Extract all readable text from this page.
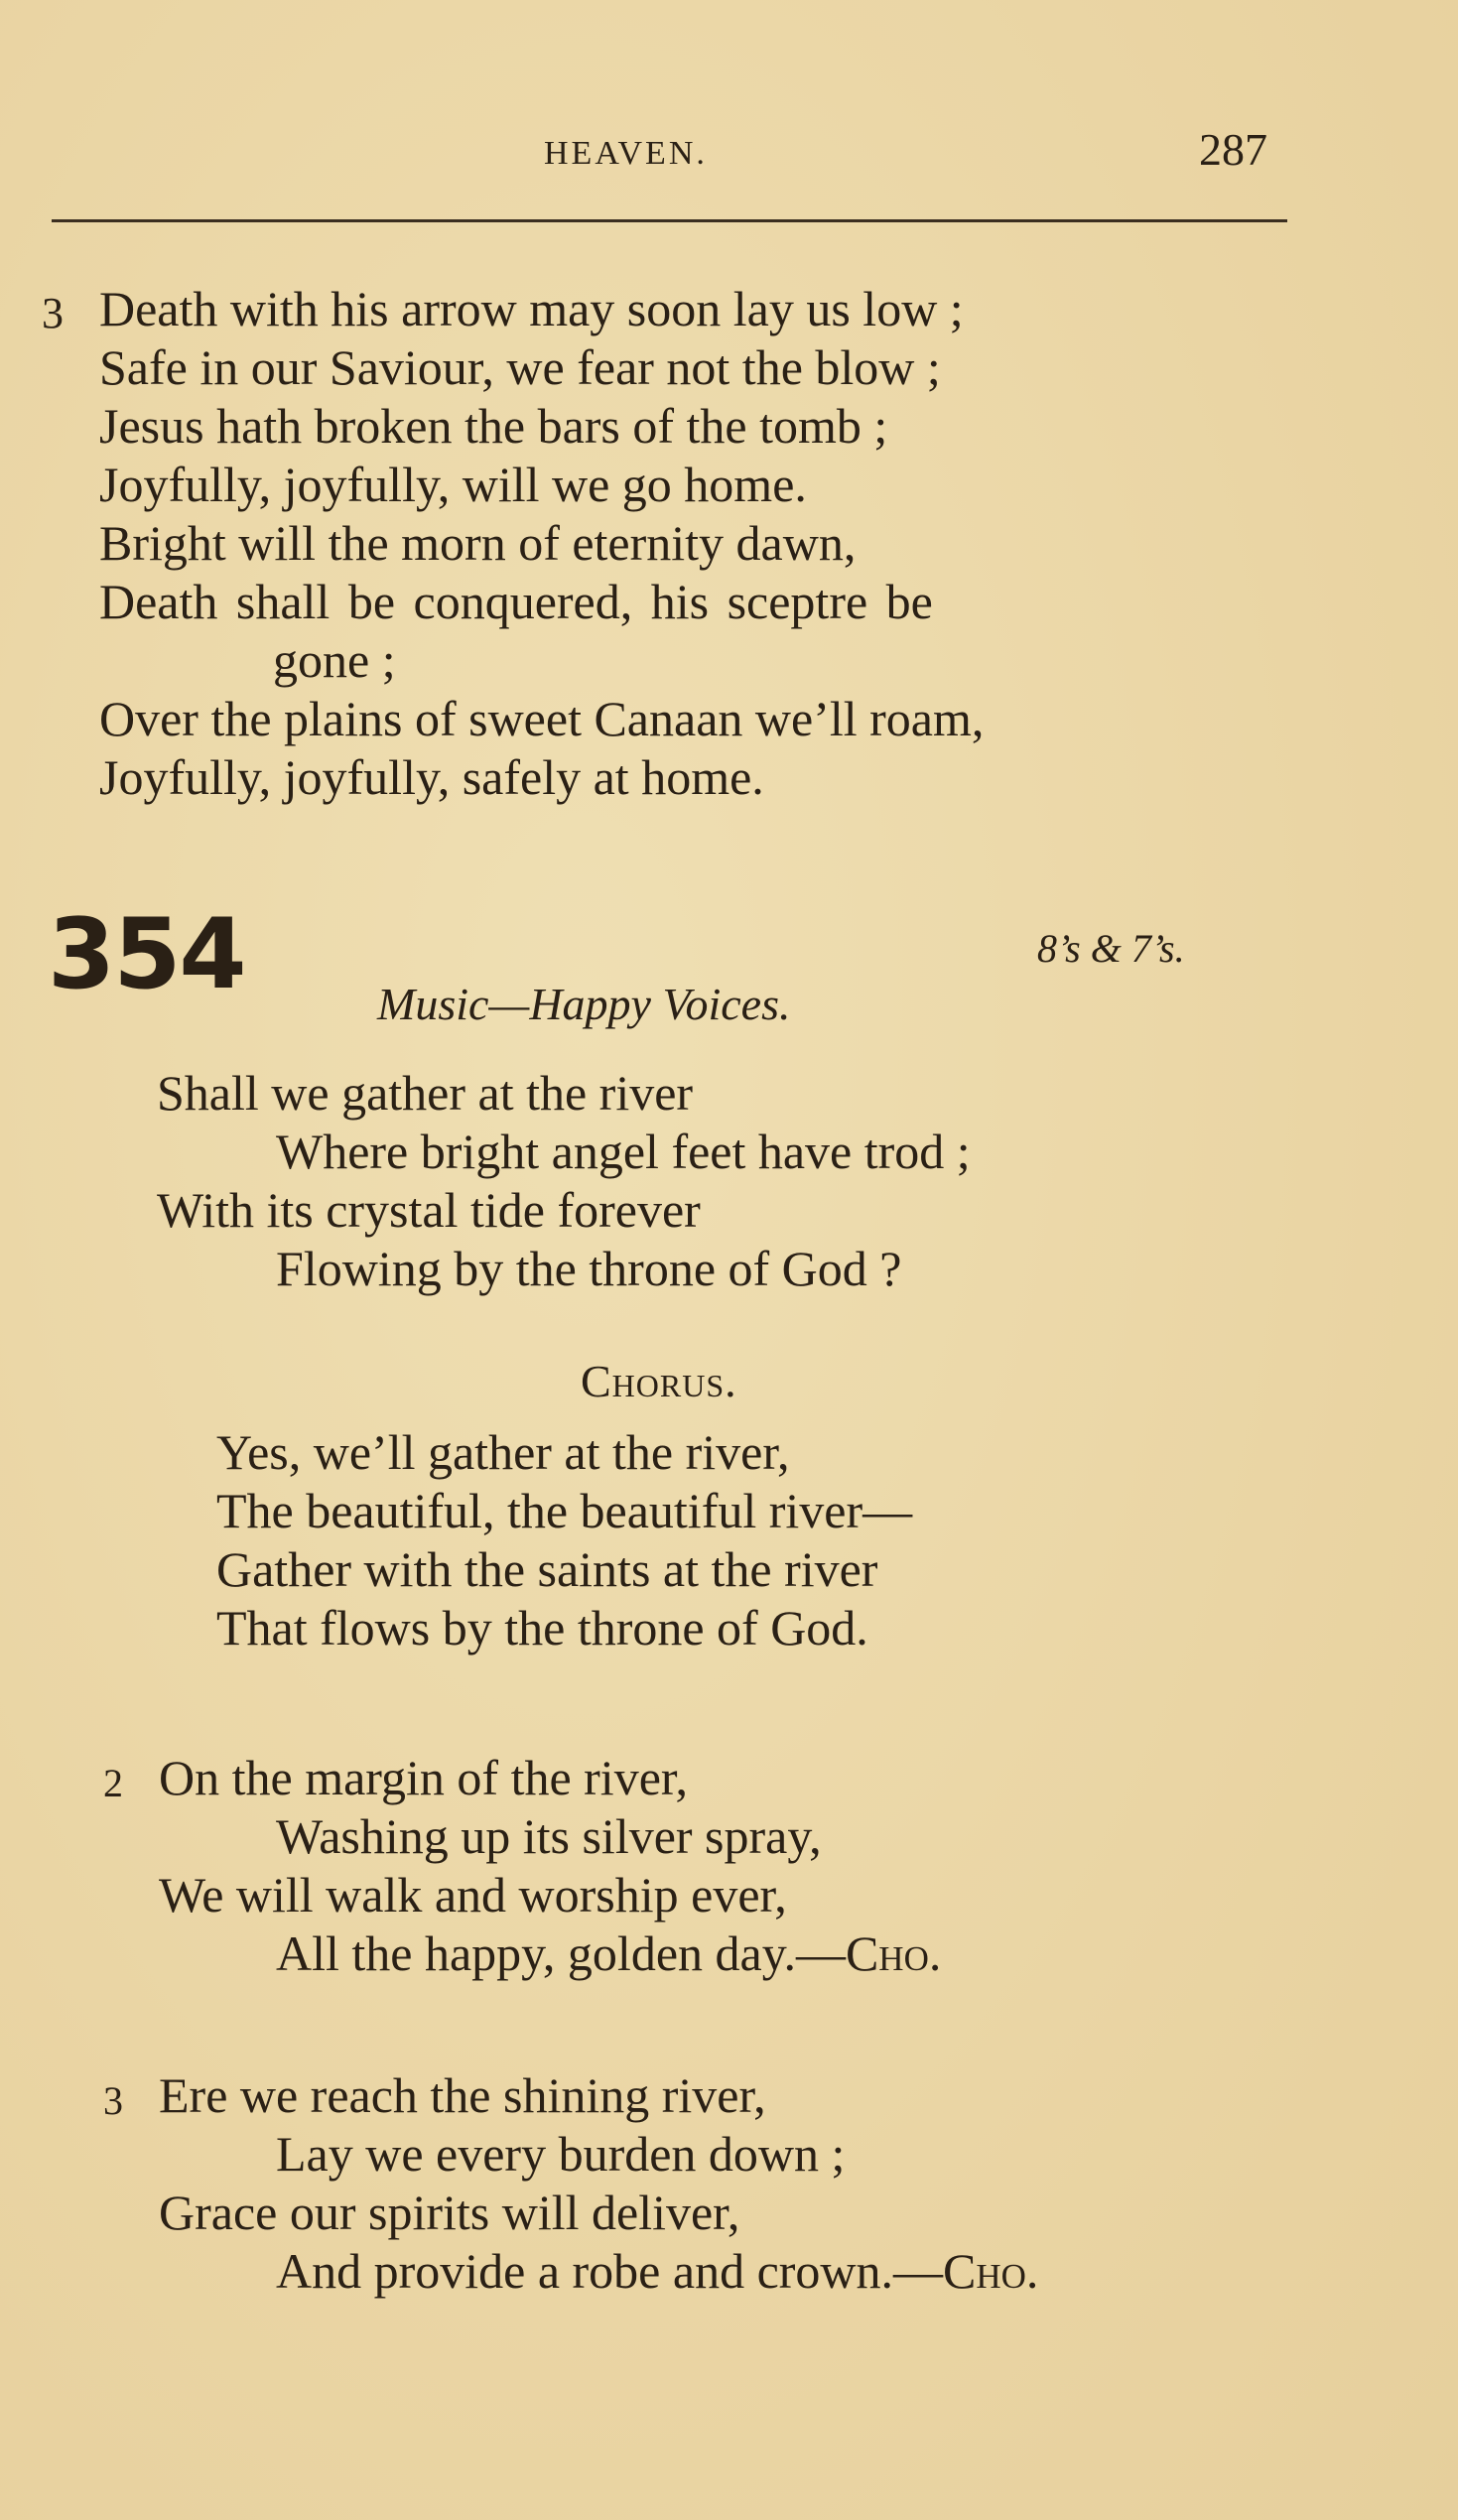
HEAVEN.	287
3 Death with his arrow may soon lay us low ;
Safe in our Saviour, we fear not the blow ;
Jesus hath broken the bars of the tomb ;
Joyfully, joyfully, will we go home.
Bright will the morn of eternity dawn,
Death shall be conquered, his sceptre be
gone ;
Over the plains of sweet Canaan we’ll roam,
Joyfully, joyfully, safely at home.
354	8’s & 7’s.
Music—Happy Voices.
Shall we gather at the river
Where bright angel feet have trod ;
With its crystal tide forever
Flowing by the throne of God ?
Chorus.
Yes, we’ll gather at the river,
The beautiful, the beautiful river—
Gather with the saints at the river
That flows by the throne of God.
2 On the margin of the river,
Washing up its silver spray,
We will walk and worship ever,
All the happy, golden day.—Cho.
3 Ere we reach the shining river,
Lay we every burden down ;
Grace our spirits will deliver,
And provide a robe and crown.—Cho.
